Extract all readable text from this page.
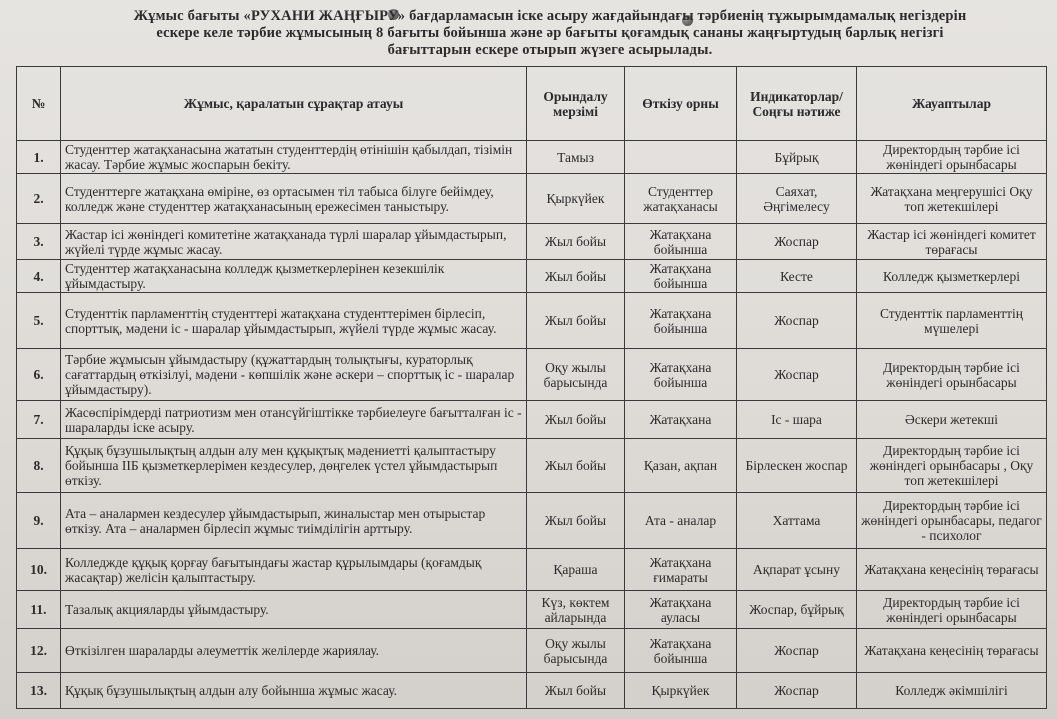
Жұмыс бағыты «РУХАНИ ЖАҢҒЫРУ» бағдарламасын іске асыру жағдайындағы тәрбиенің тұжырымдамалық негіздерін
ескере келе тәрбие жұмысының 8 бағыты бойынша және әр бағыты қоғамдық сананы жаңғыртудың барлық негізгі
бағыттарын ескере отырып жүзеге асырылады.
№	Жұмыс, қаралатын сұрақтар атауы	Орындалу мерзімі	Өткізу орны	Индикаторлар/ Соңғы нәтиже	Жауаптылар
1.	Студенттер жатақханасына жататын студенттердің өтінішін қабылдап, тізімін жасау. Тәрбие жұмыс жоспарын бекіту.	Тамыз		Бұйрық	Директордың тәрбие ісі жөніндегі орынбасары
2.	Студенттерге жатақхана өміріне, өз ортасымен тіл табыса білуге бейімдеу, колледж және студенттер жатақханасының ережесімен таныстыру.	Қыркүйек	Студенттер жатақханасы	Саяхат, Әңгімелесу	Жатақхана меңгерушісі Оқу топ жетекшілері
3.	Жастар ісі жөніндегі комитетіне жатақханада түрлі шаралар ұйымдастырып, жүйелі түрде жұмыс жасау.	Жыл бойы	Жатақхана бойынша	Жоспар	Жастар ісі жөніндегі комитет төрағасы
4.	Студенттер жатақханасына колледж қызметкерлерінен кезекшілік ұйымдастыру.	Жыл бойы	Жатақхана бойынша	Кесте	Колледж қызметкерлері
5.	Студенттік парламенттің студенттері жатақхана студенттерімен бірлесіп, спорттық, мәдени іс - шаралар ұйымдастырып, жүйелі түрде жұмыс жасау.	Жыл бойы	Жатақхана бойынша	Жоспар	Студенттік парламенттің мүшелері
6.	Тәрбие жұмысын ұйымдастыру (құжаттардың толықтығы, кураторлық сағаттардың өткізілуі, мәдени - көпшілік және әскери – спорттық іс - шаралар ұйымдастыру).	Оқу жылы барысында	Жатақхана бойынша	Жоспар	Директордың тәрбие ісі жөніндегі орынбасары
7.	Жасөспірімдерді патриотизм мен отансүйгіштікке тәрбиелеуге бағытталған іс - шараларды іске асыру.	Жыл бойы	Жатақхана	Іс - шара	Әскери жетекші
8.	Құқық бұзушылықтың алдын алу мен құқықтық мәдениетті қалыптастыру бойынша ІІБ қызметкерлерімен кездесулер, дөңгелек үстел ұйымдастырып өткізу.	Жыл бойы	Қазан, ақпан	Бірлескен жоспар	Директордың тәрбие ісі жөніндегі орынбасары , Оқу топ жетекшілері
9.	Ата – аналармен кездесулер ұйымдастырып, жиналыстар мен отырыстар өткізу. Ата – аналармен бірлесіп жұмыс тиімділігін арттыру.	Жыл бойы	Ата - аналар	Хаттама	Директордың тәрбие ісі жөніндегі орынбасары, педагог - психолог
10.	Колледжде құқық қорғау бағытындағы жастар құрылымдары (қоғамдық жасақтар) желісін қалыптастыру.	Қараша	Жатақхана ғимараты	Ақпарат ұсыну	Жатақхана кеңесінің төрағасы
11.	Тазалық акцияларды ұйымдастыру.	Күз, көктем айларында	Жатақхана ауласы	Жоспар, бұйрық	Директордың тәрбие ісі жөніндегі орынбасары
12.	Өткізілген шараларды әлеуметтік желілерде жариялау.	Оқу жылы барысында	Жатақхана бойынша	Жоспар	Жатақхана кеңесінің төрағасы
13.	Құқық бұзушылықтың алдын алу бойынша жұмыс жасау.	Жыл бойы	Қыркүйек	Жоспар	Колледж әкімшілігі
